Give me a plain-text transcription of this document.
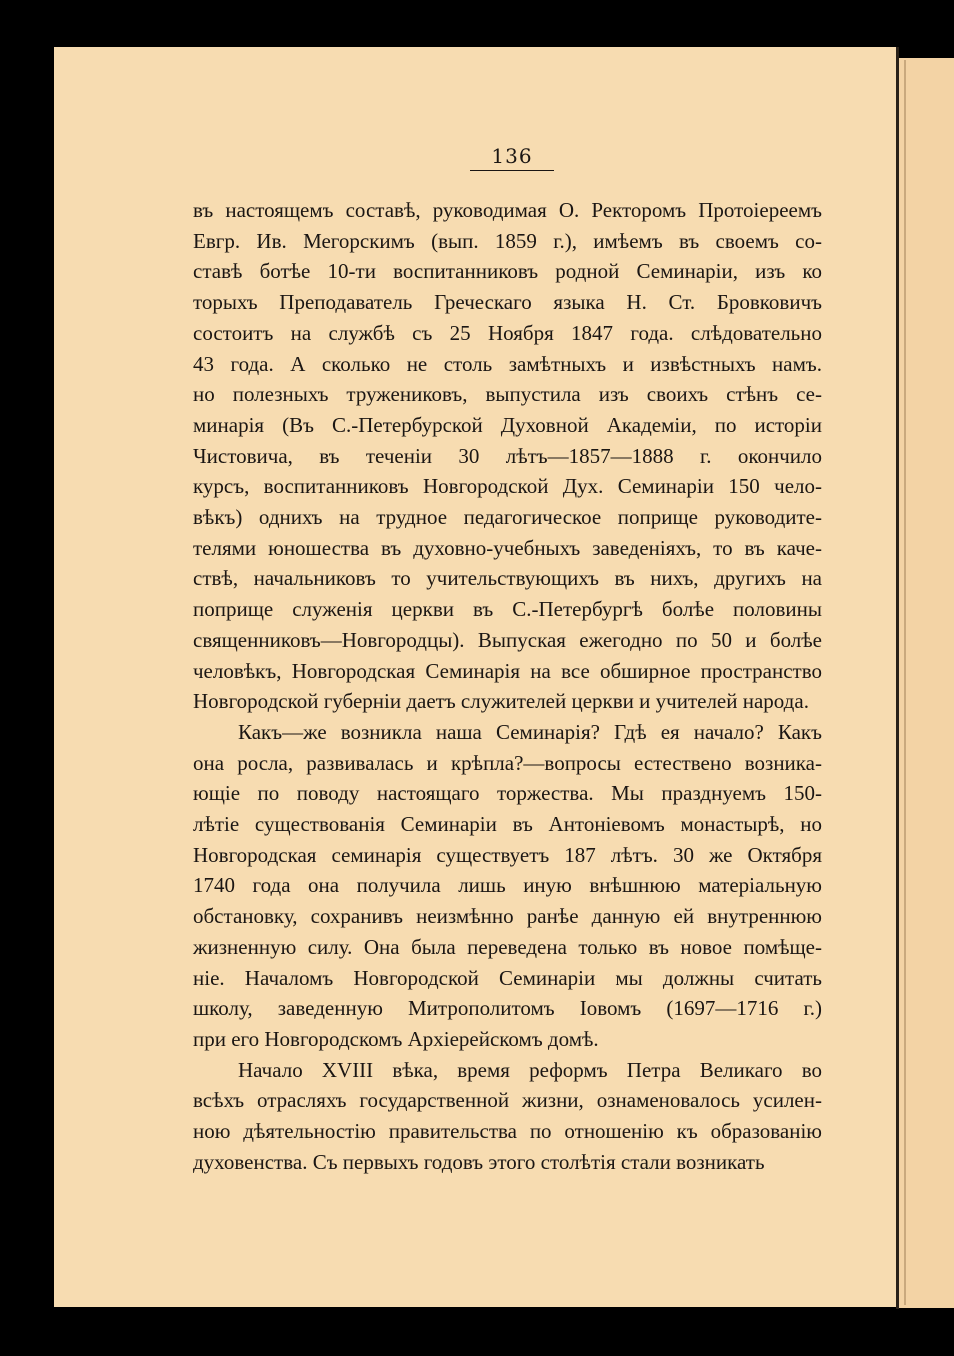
136
въ настоящемъ составѣ, руководимая О. Ректоромъ Протоіереемъ
Евгр. Ив. Мегорскимъ (вып. 1859 г.), имѣемъ въ своемъ со-
ставѣ ботѣе 10-ти воспитанниковъ родной Семинаріи, изъ ко
торыхъ Преподаватель Греческаго языка Н. Ст. Бровковичъ
состоитъ на службѣ съ 25 Ноября 1847 года. слѣдовательно
43 года. А сколько не столь замѣтныхъ и извѣстныхъ намъ.
но полезныхъ тружениковъ, выпустила изъ своихъ стѣнъ се-
минарія (Въ С.-Петербурской Духовной Академіи, по исторіи
Чистовича, въ теченіи 30 лѣтъ—1857—1888 г. окончило
курсъ, воспитанниковъ Новгородской Дух. Семинаріи 150 чело-
вѣкъ) однихъ на трудное педагогическое поприще руководите-
телями юношества въ духовно-учебныхъ заведеніяхъ, то въ каче-
ствѣ, начальниковъ то учительствующихъ въ нихъ, другихъ на
поприще служенія церкви въ С.-Петербургѣ болѣе половины
священниковъ—Новгородцы). Выпуская ежегодно по 50 и болѣе
человѣкъ, Новгородская Семинарія на все обширное пространство
Новгородской губерніи даетъ служителей церкви и учителей народа.
Какъ—же возникла наша Семинарія? Гдѣ ея начало? Какъ
она росла, развивалась и крѣпла?—вопросы естествено возника-
ющіе по поводу настоящаго торжества. Мы празднуемъ 150-
лѣтіе существованія Семинаріи въ Антоніевомъ монастырѣ, но
Новгородская семинарія существуетъ 187 лѣтъ. 30 же Октября
1740 года она получила лишь иную внѣшнюю матеріальную
обстановку, сохранивъ неизмѣнно ранѣе данную ей внутреннюю
жизненную силу. Она была переведена только въ новое помѣще-
ніе. Началомъ Новгородской Семинаріи мы должны считать
школу, заведенную Митрополитомъ Іовомъ (1697—1716 г.)
при его Новгородскомъ Архіерейскомъ домѣ.
Начало XVIII вѣка, время реформъ Петра Великаго во
всѣхъ отрасляхъ государственной жизни, ознаменовалось усилен-
ною дѣятельностію правительства по отношенію къ образованію
духовенства. Съ первыхъ годовъ этого столѣтія стали возникать
